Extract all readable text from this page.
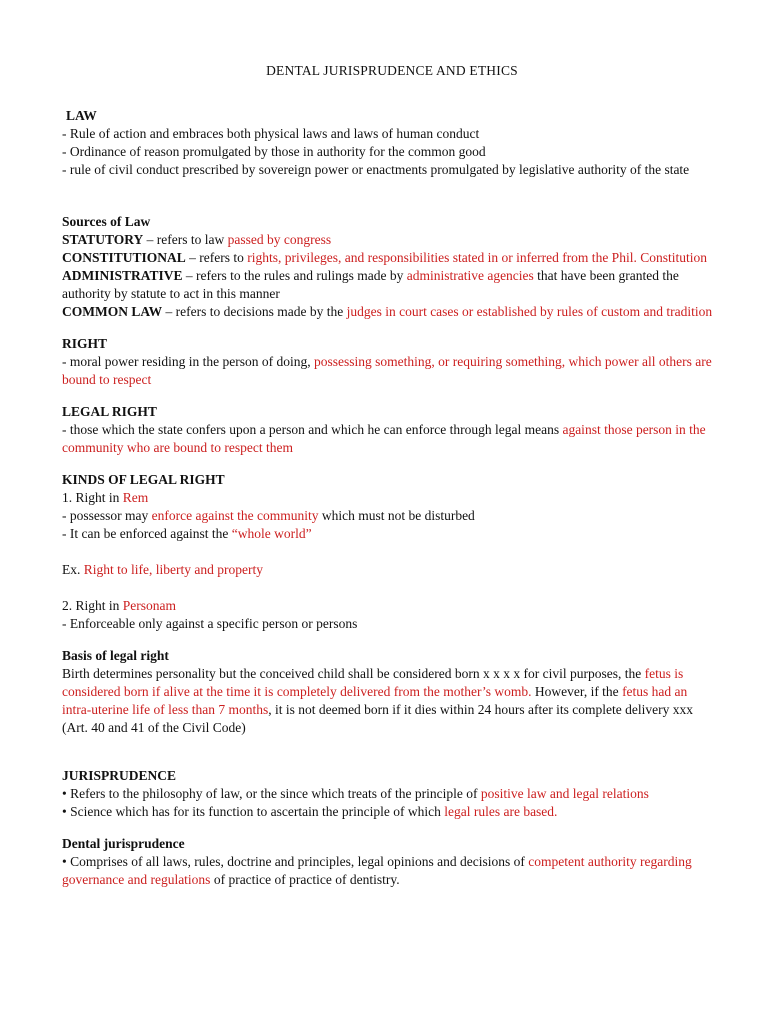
DENTAL JURISPRUDENCE AND ETHICS

LAW

- Rule of action and embraces both physical laws and laws of human conduct

- Ordinance of reason promulgated by those in authority for the common good

- rule of civil conduct prescribed by sovereign power or enactments promulgated by legislative authority of the state

Sources of Law

STATUTORY – refers to law passed by congress

CONSTITUTIONAL – refers to rights, privileges, and responsibilities stated in or inferred from the Phil. Constitution

ADMINISTRATIVE – refers to the rules and rulings made by administrative agencies that have been granted the authority by statute to act in this manner

COMMON LAW – refers to decisions made by the judges in court cases or established by rules of custom and tradition

RIGHT

- moral power residing in the person of doing, possessing something, or requiring something, which power all others are bound to respect

LEGAL RIGHT

- those which the state confers upon a person and which he can enforce through legal means against those person in the community who are bound to respect them

KINDS OF LEGAL RIGHT

1. Right in Rem

- possessor may enforce against the community which must not be disturbed

- It can be enforced against the “whole world”

Ex. Right to life, liberty and property

2. Right in Personam

- Enforceable only against a specific person or persons

Basis of legal right

Birth determines personality but the conceived child shall be considered born x x x x for civil purposes, the fetus is considered born if alive at the time it is completely delivered from the mother’s womb. However, if the fetus had an intra-uterine life of less than 7 months, it is not deemed born if it dies within 24 hours after its complete delivery xxx (Art. 40 and 41 of the Civil Code)

JURISPRUDENCE

• Refers to the philosophy of law, or the since which treats of the principle of positive law and legal relations

• Science which has for its function to ascertain the principle of which legal rules are based.

Dental jurisprudence

• Comprises of all laws, rules, doctrine and principles, legal opinions and decisions of competent authority regarding governance and regulations of practice of practice of dentistry.
